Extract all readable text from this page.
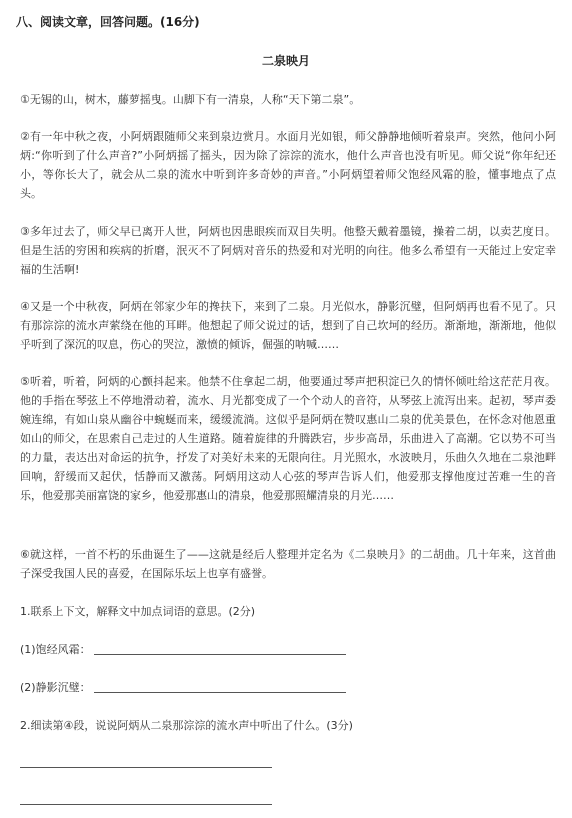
八、阅读文章，回答问题。(16分)
二泉映月

①无锡的山，树木，藤萝摇曳。山脚下有一清泉，人称“天下第二泉”。

②有一年中秋之夜，小阿炳跟随师父来到泉边赏月。水面月光如银，师父静静地倾听着泉声。突然，他问小阿炳:“你听到了什么声音?”小阿炳摇了摇头，因为除了淙淙的流水，他什么声音也没有听见。师父说“你年纪还小，等你长大了，就会从二泉的流水中听到许多奇妙的声音。”小阿炳望着师父饱经风霜的脸，懂事地点了点头。

③多年过去了，师父早已离开人世，阿炳也因患眼疾而双目失明。他整天戴着墨镜，操着二胡，以卖艺度日。但是生活的穷困和疾病的折磨，泯灭不了阿炳对音乐的热爱和对光明的向往。他多么希望有一天能过上安定幸福的生活啊!

④又是一个中秋夜，阿炳在邻家少年的搀扶下，来到了二泉。月光似水，静影沉璧，但阿炳再也看不见了。只有那淙淙的流水声萦绕在他的耳畔。他想起了师父说过的话，想到了自己坎坷的经历。渐渐地，渐渐地，他似乎听到了深沉的叹息，伤心的哭泣，激愤的倾诉，倔强的呐喊……

⑤听着，听着，阿炳的心颤抖起来。他禁不住拿起二胡，他要通过琴声把积淀已久的情怀倾吐给这茫茫月夜。他的手指在琴弦上不停地滑动着，流水、月光都变成了一个个动人的音符，从琴弦上流泻出来。起初，琴声委婉连绵，有如山泉从幽谷中蜿蜒而来，缓缓流淌。这似乎是阿炳在赞叹惠山二泉的优美景色，在怀念对他恩重如山的师父，在思索自己走过的人生道路。随着旋律的升腾跌宕，步步高昂，乐曲进入了高潮。它以势不可当的力量，表达出对命运的抗争，抒发了对美好未来的无限向往。月光照水，水波映月，乐曲久久地在二泉池畔回响，舒缓而又起伏，恬静而又激荡。阿炳用这动人心弦的琴声告诉人们，他爱那支撑他度过苦难一生的音乐，他爱那美丽富饶的家乡，他爱那惠山的清泉，他爱那照耀清泉的月光……

⑥就这样，一首不朽的乐曲诞生了——这就是经后人整理并定名为《二泉映月》的二胡曲。几十年来，这首曲子深受我国人民的喜爱，在国际乐坛上也享有盛誉。

1.联系上下文，解释文中加点词语的意思。(2分)

(1)饱经风霜：

(2)静影沉璧：

2.细读第④段，说说阿炳从二泉那淙淙的流水声中听出了什么。(3分)
